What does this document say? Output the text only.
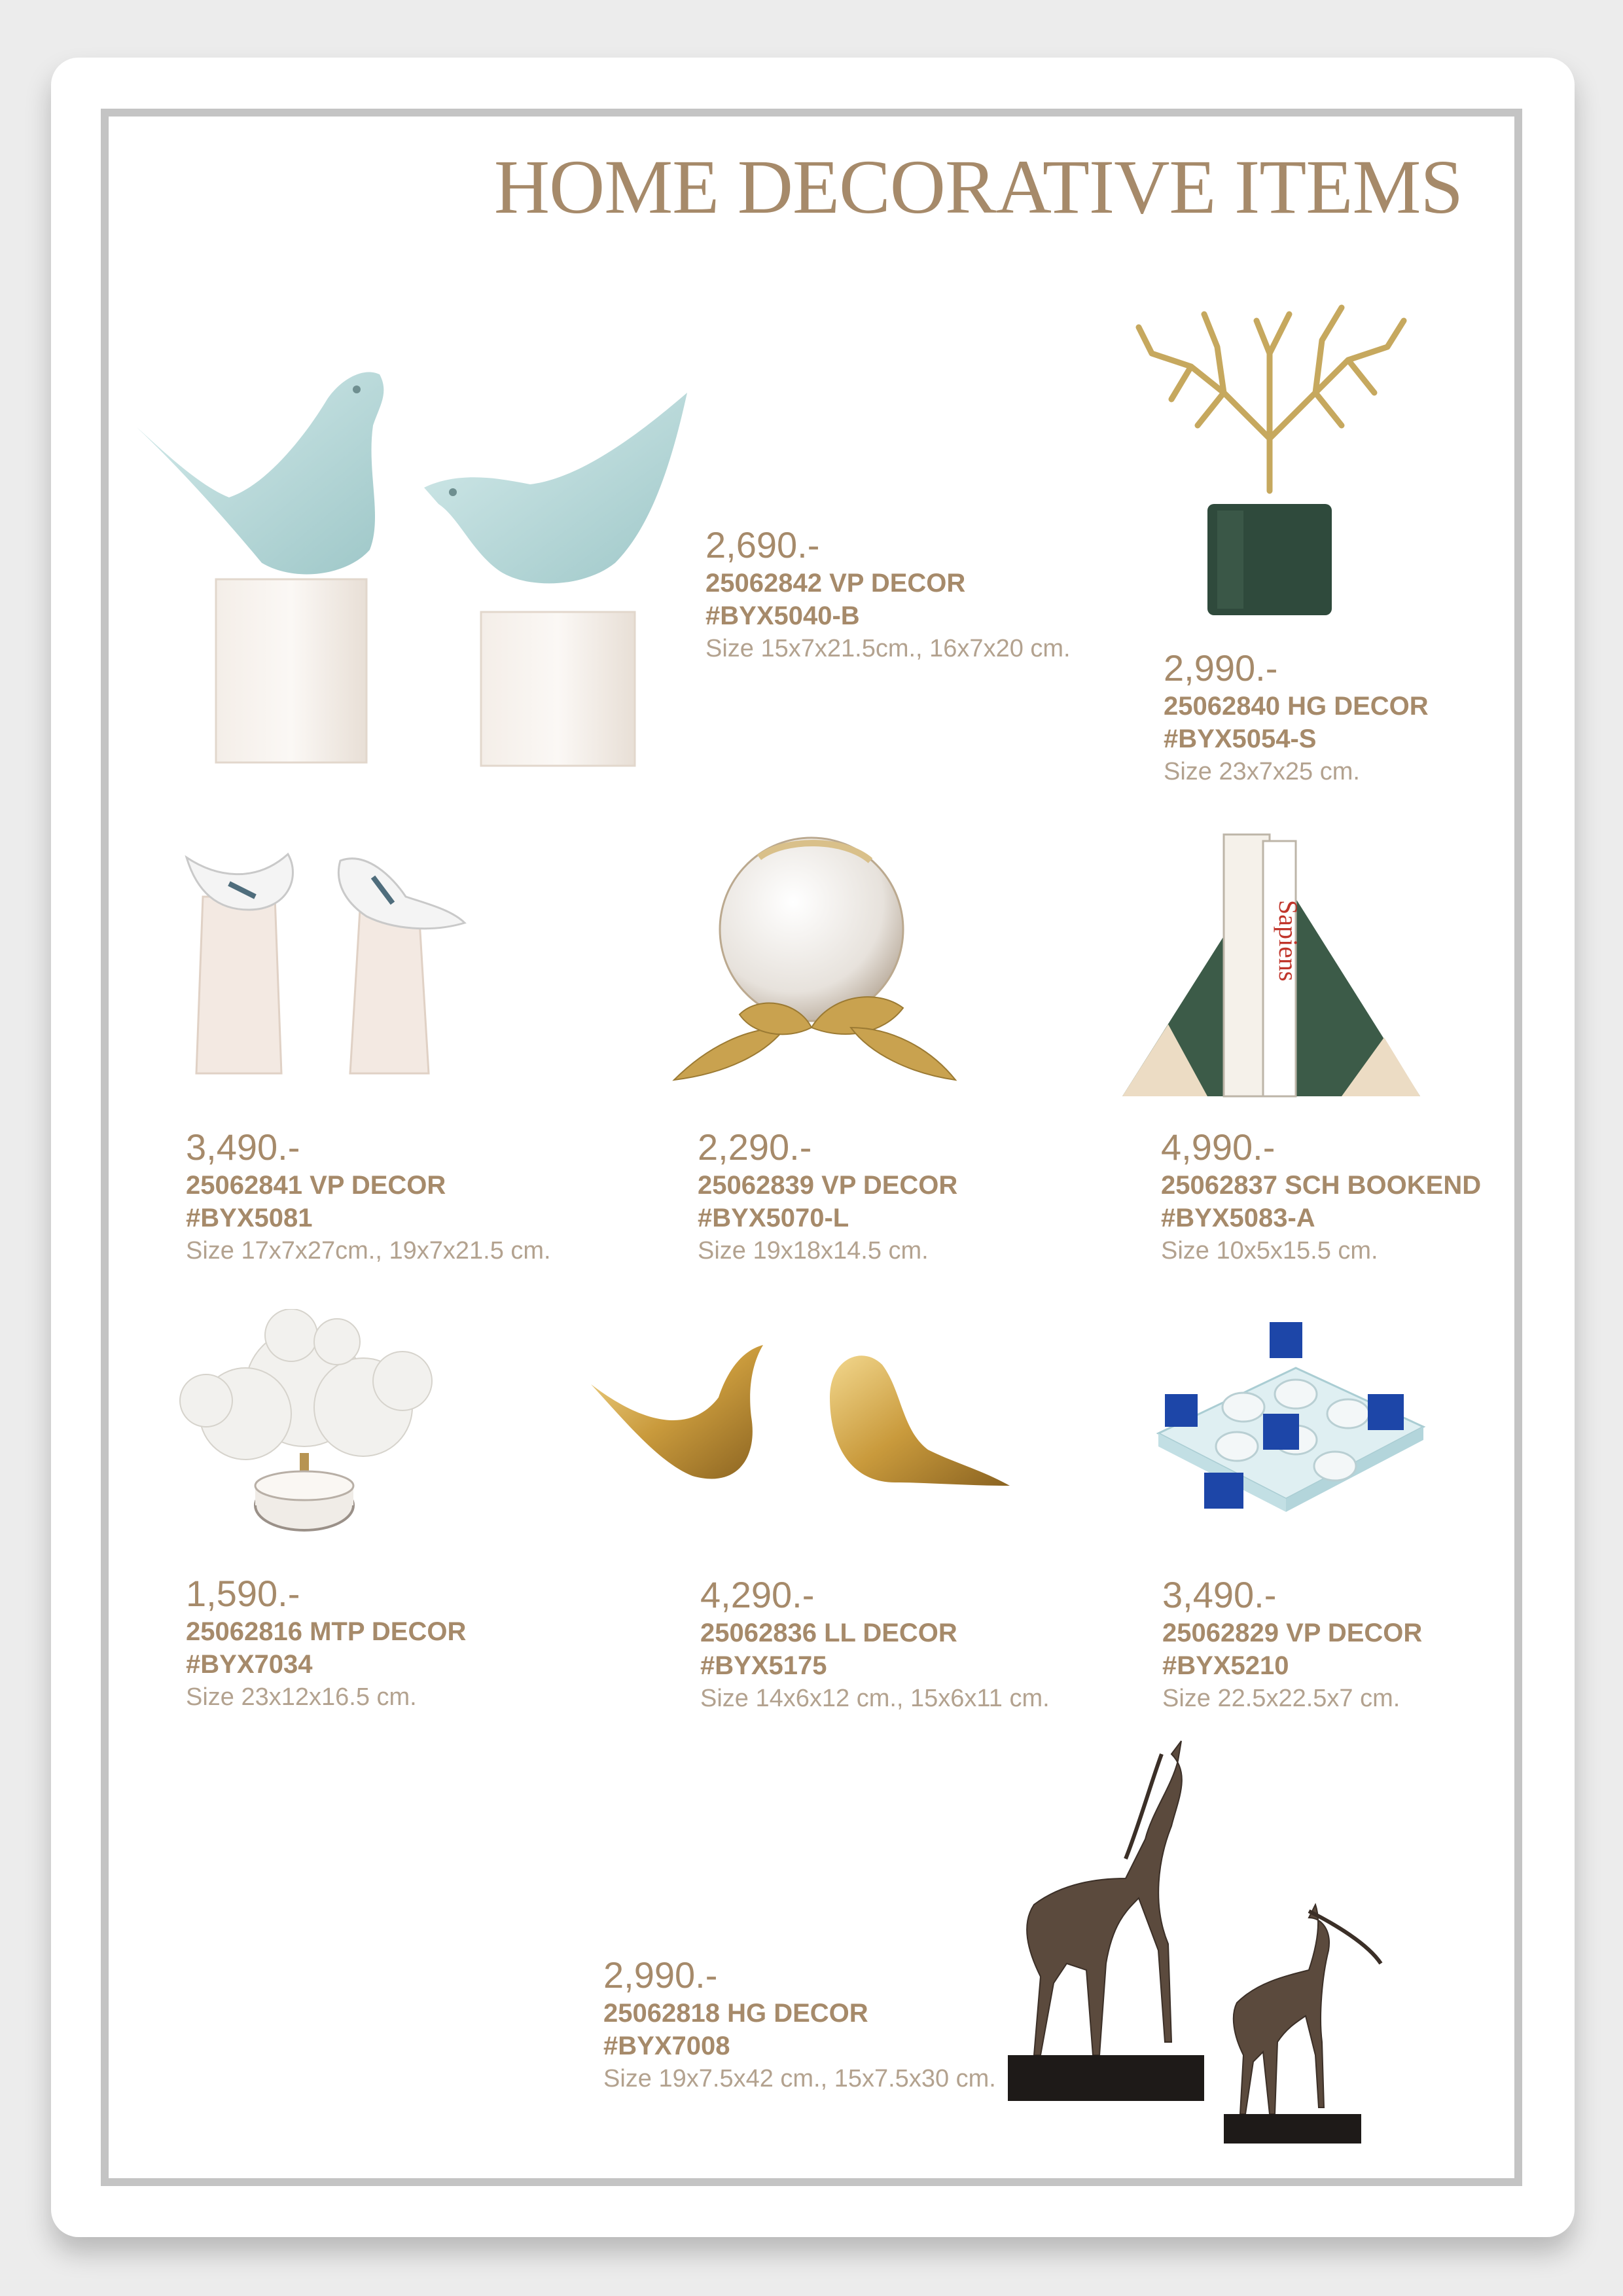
HOME DECORATIVE ITEMS
2,690.-
25062842 VP DECOR
#BYX5040-B
Size 15x7x21.5cm., 16x7x20 cm.	2,990.-
25062840 HG DECOR
#BYX5054-S
Size 23x7x25 cm.
3,490.-
25062841 VP DECOR
#BYX5081
Size 17x7x27cm., 19x7x21.5 cm.
2,290.-
25062839 VP DECOR
#BYX5070-L
Size 19x18x14.5 cm.
Sapiens
4,990.-
25062837 SCH BOOKEND
#BYX5083-A
Size 10x5x15.5 cm.
1,590.-
25062816 MTP DECOR
#BYX7034
Size 23x12x16.5 cm.
4,290.-
25062836 LL DECOR
#BYX5175
Size 14x6x12 cm., 15x6x11 cm.
3,490.-
25062829 VP DECOR
#BYX5210
Size 22.5x22.5x7 cm.
2,990.-
25062818 HG DECOR
#BYX7008
Size 19x7.5x42 cm., 15x7.5x30 cm.
